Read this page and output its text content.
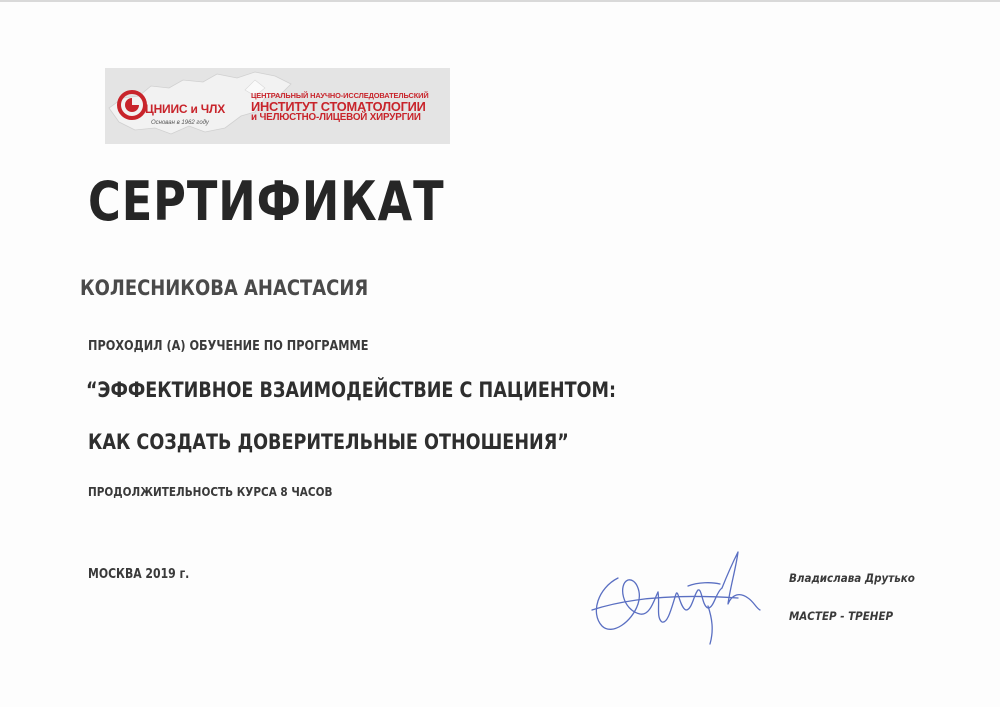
ЦНИИС и ЧЛХ
Основан в 1962 году
ЦЕНТРАЛЬНЫЙ НАУЧНО-ИССЛЕДОВАТЕЛЬСКИЙ
ИНСТИТУТ СТОМАТОЛОГИИ
и ЧЕЛЮСТНО-ЛИЦЕВОЙ ХИРУРГИИ
СЕРТИФИКАТ
КОЛЕСНИКОВА АНАСТАСИЯ
ПРОХОДИЛ (А) ОБУЧЕНИЕ ПО ПРОГРАММЕ
“ЭФФЕКТИВНОЕ ВЗАИМОДЕЙСТВИЕ С ПАЦИЕНТОМ:
КАК СОЗДАТЬ ДОВЕРИТЕЛЬНЫЕ ОТНОШЕНИЯ”
ПРОДОЛЖИТЕЛЬНОСТЬ КУРСА 8 ЧАСОВ
МОСКВА 2019 г.	Владислава Друтько
МАСТЕР - ТРЕНЕР
